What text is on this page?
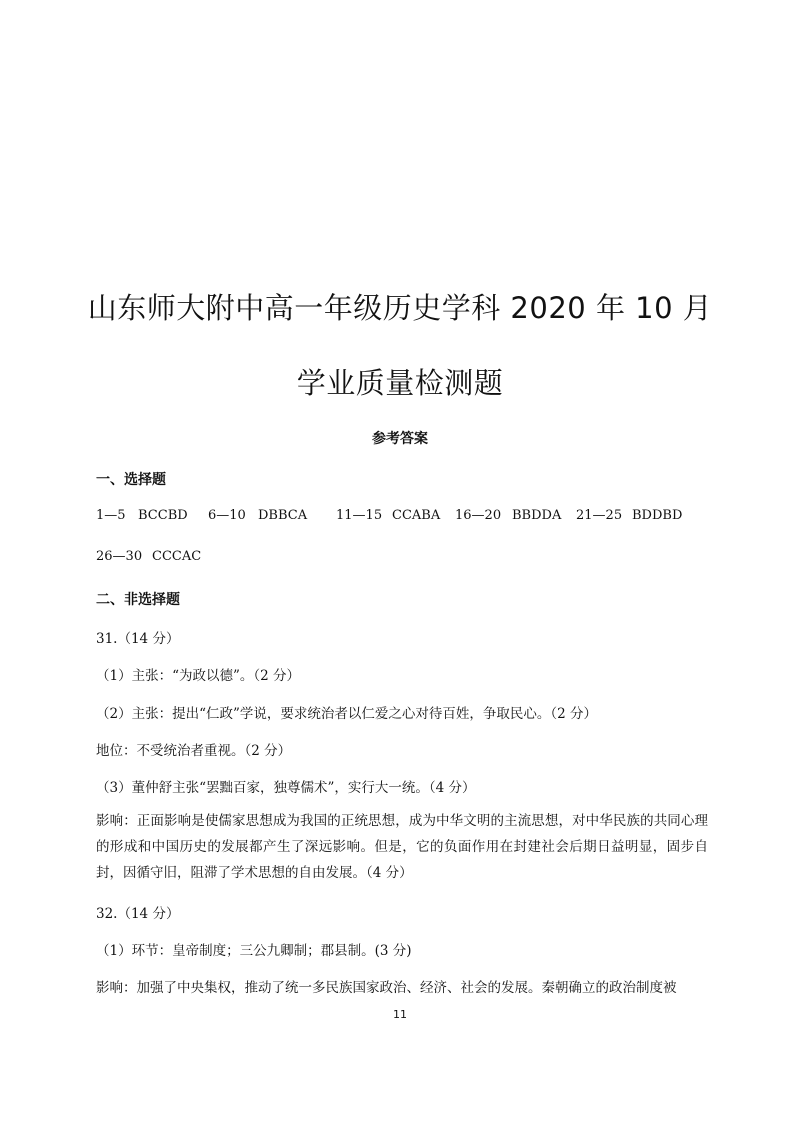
山东师大附中高一年级历史学科 2020 年 10 月
学业质量检测题
参考答案
一、选择题
1—5 BCCBD 6—10 DBBCA 11—15 CCABA 16—20 BBDDA 21—25 BDDBD
26—30 CCCAC
二、非选择题
31.（14 分）
（1）主张：“为政以德”。（2 分）
（2）主张：提出“仁政”学说，要求统治者以仁爱之心对待百姓，争取民心。（2 分）
地位：不受统治者重视。（2 分）
（3）董仲舒主张“罢黜百家，独尊儒术”，实行大一统。（4 分）
影响：正面影响是使儒家思想成为我国的正统思想，成为中华文明的主流思想，对中华民族的共同心理的形成和中国历史的发展都产生了深远影响。但是，它的负面作用在封建社会后期日益明显，固步自封，因循守旧，阻滞了学术思想的自由发展。（4 分）
32.（14 分）
（1）环节：皇帝制度；三公九卿制；郡县制。(3 分)
影响：加强了中央集权，推动了统一多民族国家政治、经济、社会的发展。秦朝确立的政治制度被
11
